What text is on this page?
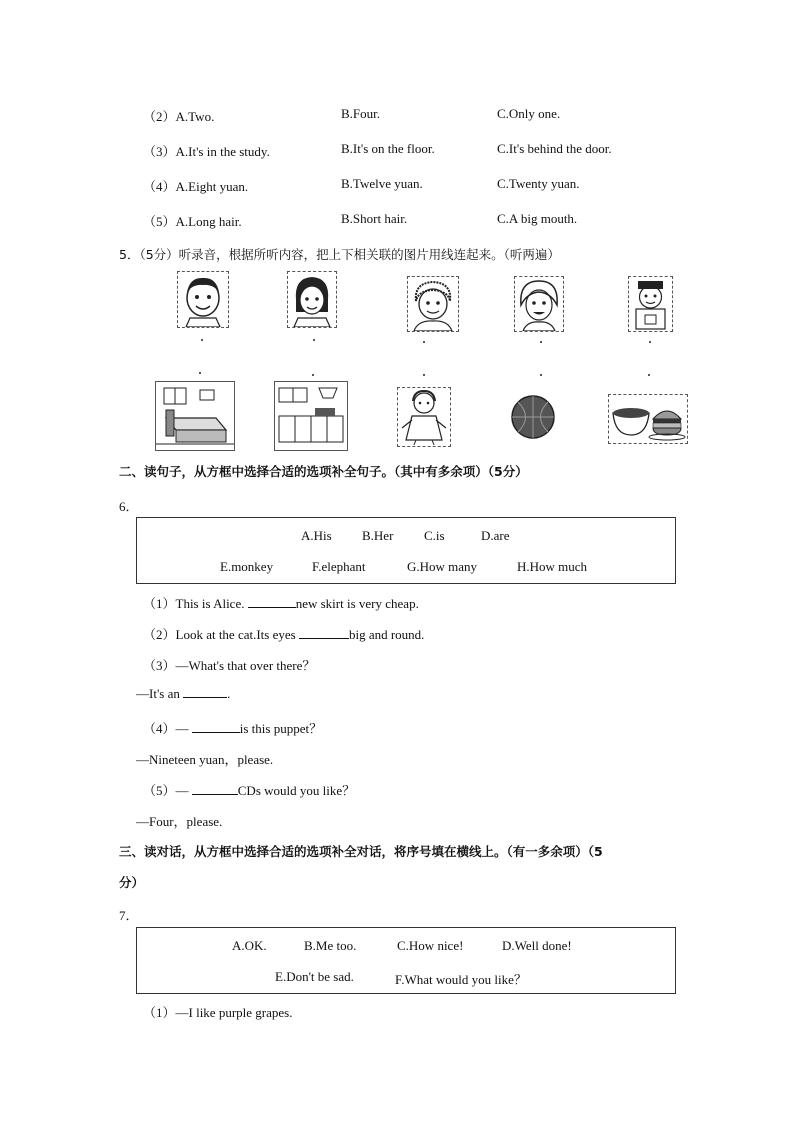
（2）A.Two.	B.Four.	C.Only one.
（3）A.It's in the study.	B.It's on the floor.	C.It's behind the door.
（4）A.Eight yuan.	B.Twelve yuan.	C.Twenty yuan.
（5）A.Long hair.	B.Short hair.	C.A big mouth.
5．（5分）听录音，根据所听内容，把上下相关联的图片用线连起来。（听两遍）
二、读句子，从方框中选择合适的选项补全句子。（其中有多余项）（5分）
6．
A.His B.Her C.is	D.are
E.monkey	F.elephant	G.How many	H.How much
（1）This is Alice.	new skirt is very cheap.
（2）Look at the cat.Its eyes	big and round.
（3）—What's that over there？
—It's an	.
（4）—	is this puppet？
—Nineteen yuan，please.
（5）—	CDs would you like？
—Four，please.
三、读对话，从方框中选择合适的选项补全对话，将序号填在横线上。（有一多余项）（5
分）
7．
A.OK.	B.Me too.	C.How nice!	D.Well done!
E.Don't be sad.	F.What would you like？
（1）—I like purple grapes.
